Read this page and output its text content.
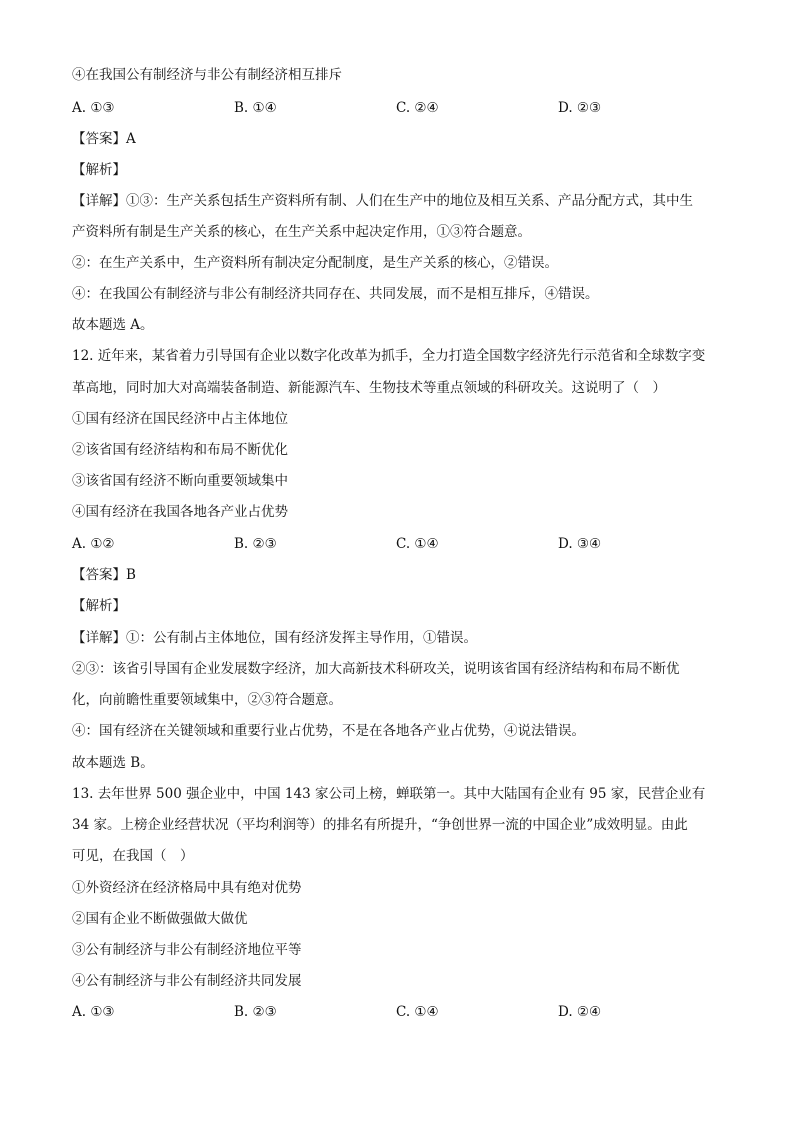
④在我国公有制经济与非公有制经济相互排斥
A. ①③	B. ①④	C. ②④	D. ②③
【答案】A
【解析】
【详解】①③：生产关系包括生产资料所有制、人们在生产中的地位及相互关系、产品分配方式，其中生
产资料所有制是生产关系的核心，在生产关系中起决定作用，①③符合题意。
②：在生产关系中，生产资料所有制决定分配制度，是生产关系的核心，②错误。
④：在我国公有制经济与非公有制经济共同存在、共同发展，而不是相互排斥，④错误。
故本题选 A。
12. 近年来，某省着力引导国有企业以数字化改革为抓手，全力打造全国数字经济先行示范省和全球数字变
革高地，同时加大对高端装备制造、新能源汽车、生物技术等重点领域的科研攻关。这说明了（　）
①国有经济在国民经济中占主体地位
②该省国有经济结构和布局不断优化
③该省国有经济不断向重要领域集中
④国有经济在我国各地各产业占优势
A. ①②	B. ②③	C. ①④	D. ③④
【答案】B
【解析】
【详解】①：公有制占主体地位，国有经济发挥主导作用，①错误。
②③：该省引导国有企业发展数字经济，加大高新技术科研攻关，说明该省国有经济结构和布局不断优
化，向前瞻性重要领域集中，②③符合题意。
④：国有经济在关键领域和重要行业占优势，不是在各地各产业占优势，④说法错误。
故本题选 B。
13. 去年世界 500 强企业中，中国 143 家公司上榜，蝉联第一。其中大陆国有企业有 95 家，民营企业有
34 家。上榜企业经营状况（平均利润等）的排名有所提升，“争创世界一流的中国企业”成效明显。由此
可见，在我国（　）
①外资经济在经济格局中具有绝对优势
②国有企业不断做强做大做优
③公有制经济与非公有制经济地位平等
④公有制经济与非公有制经济共同发展
A. ①③	B. ②③	C. ①④	D. ②④
